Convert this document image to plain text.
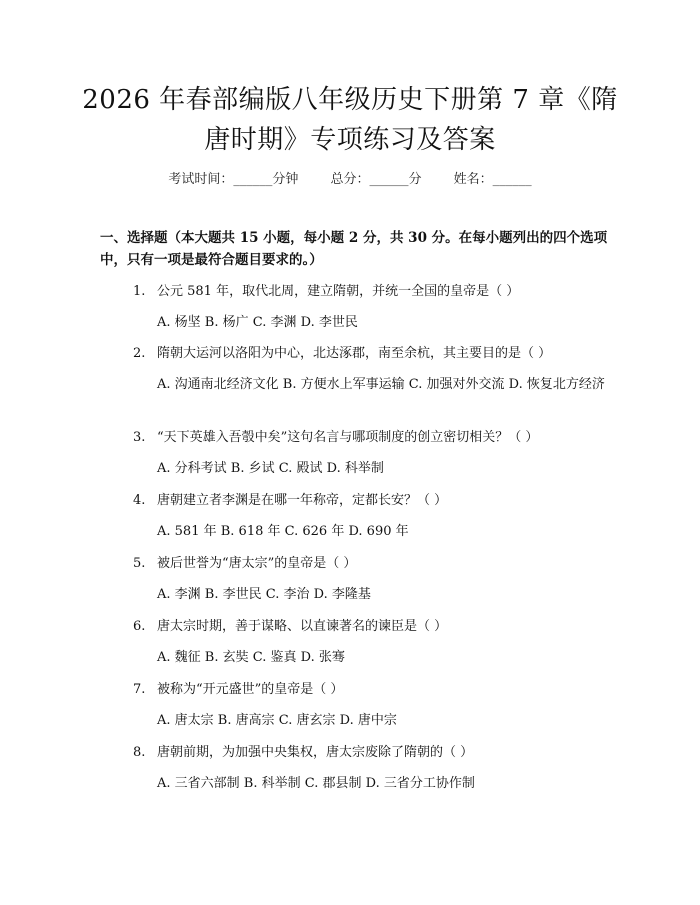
2026 年春部编版八年级历史下册第 7 章《隋
唐时期》专项练习及答案
考试时间：______分钟 总分：______分 姓名：______
一、选择题（本大题共 15 小题，每小题 2 分，共 30 分。在每小题列出的四个选项中，只有一项是最符合题目要求的。）
1. 公元 581 年，取代北周，建立隋朝，并统一全国的皇帝是（ ）
A. 杨坚 B. 杨广 C. 李渊 D. 李世民
2. 隋朝大运河以洛阳为中心，北达涿郡，南至余杭，其主要目的是（ ）
A. 沟通南北经济文化 B. 方便水上军事运输 C. 加强对外交流 D. 恢复北方经济
3. “天下英雄入吾彀中矣”这句名言与哪项制度的创立密切相关？（ ）
A. 分科考试 B. 乡试 C. 殿试 D. 科举制
4. 唐朝建立者李渊是在哪一年称帝，定都长安？（ ）
A. 581 年 B. 618 年 C. 626 年 D. 690 年
5. 被后世誉为“唐太宗”的皇帝是（ ）
A. 李渊 B. 李世民 C. 李治 D. 李隆基
6. 唐太宗时期，善于谋略、以直谏著名的谏臣是（ ）
A. 魏征 B. 玄奘 C. 鉴真 D. 张骞
7. 被称为“开元盛世”的皇帝是（ ）
A. 唐太宗 B. 唐高宗 C. 唐玄宗 D. 唐中宗
8. 唐朝前期，为加强中央集权，唐太宗废除了隋朝的（ ）
A. 三省六部制 B. 科举制 C. 郡县制 D. 三省分工协作制
